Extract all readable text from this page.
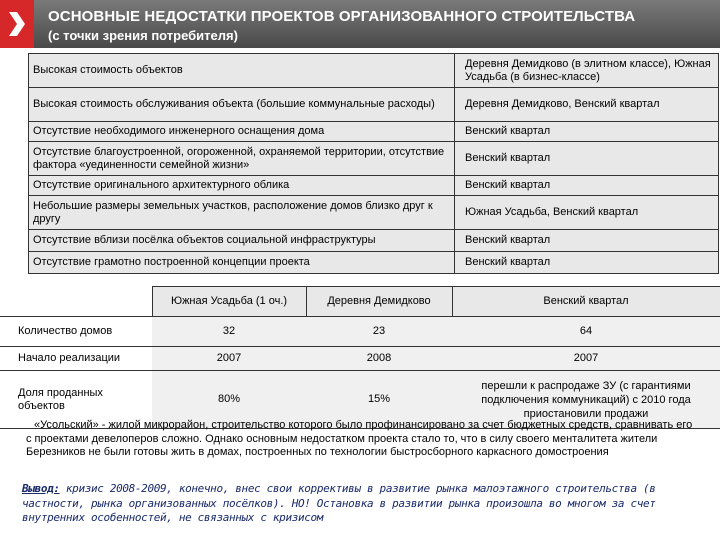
ОСНОВНЫЕ НЕДОСТАТКИ ПРОЕКТОВ ОРГАНИЗОВАННОГО СТРОИТЕЛЬСТВА
(с точки зрения потребителя)
Высокая стоимость объектов	Деревня Демидково (в элитном классе), Южная Усадьба (в бизнес-классе)
Высокая стоимость обслуживания объекта (большие коммунальные расходы)	Деревня Демидково, Венский квартал
Отсутствие необходимого инженерного оснащения дома	Венский квартал
Отсутствие благоустроенной, огороженной, охраняемой территории, отсутствие фактора «уединенности семейной жизни»	Венский квартал
Отсутствие оригинального архитектурного облика	Венский квартал
Небольшие размеры земельных участков, расположение домов близко друг к другу	Южная Усадьба, Венский квартал
Отсутствие вблизи посёлка объектов социальной инфраструктуры	Венский квартал
Отсутствие грамотно построенной концепции проекта	Венский квартал
	Южная Усадьба (1 оч.)	Деревня Демидково	Венский квартал
Количество домов	32	23	64
Начало реализации	2007	2008	2007
Доля проданных объектов	80%	15%	перешли к распродаже ЗУ (с гарантиями подключения коммуникаций) с 2010 года приостановили продажи
«Усольский» - жилой микрорайон, строительство которого было профинансировано за счет бюджетных средств, сравнивать его с проектами девелоперов сложно. Однако основным недостатком проекта стало то, что в силу своего менталитета жители Березников не были готовы жить в домах, построенных по технологии быстросборного каркасного домостроения
Вывод: кризис 2008-2009, конечно, внес свои коррективы в развитие рынка малоэтажного строительства (в частности, рынка организованных посёлков). НО! Остановка в развитии рынка произошла во многом за счет внутренних особенностей, не связанных с кризисом
